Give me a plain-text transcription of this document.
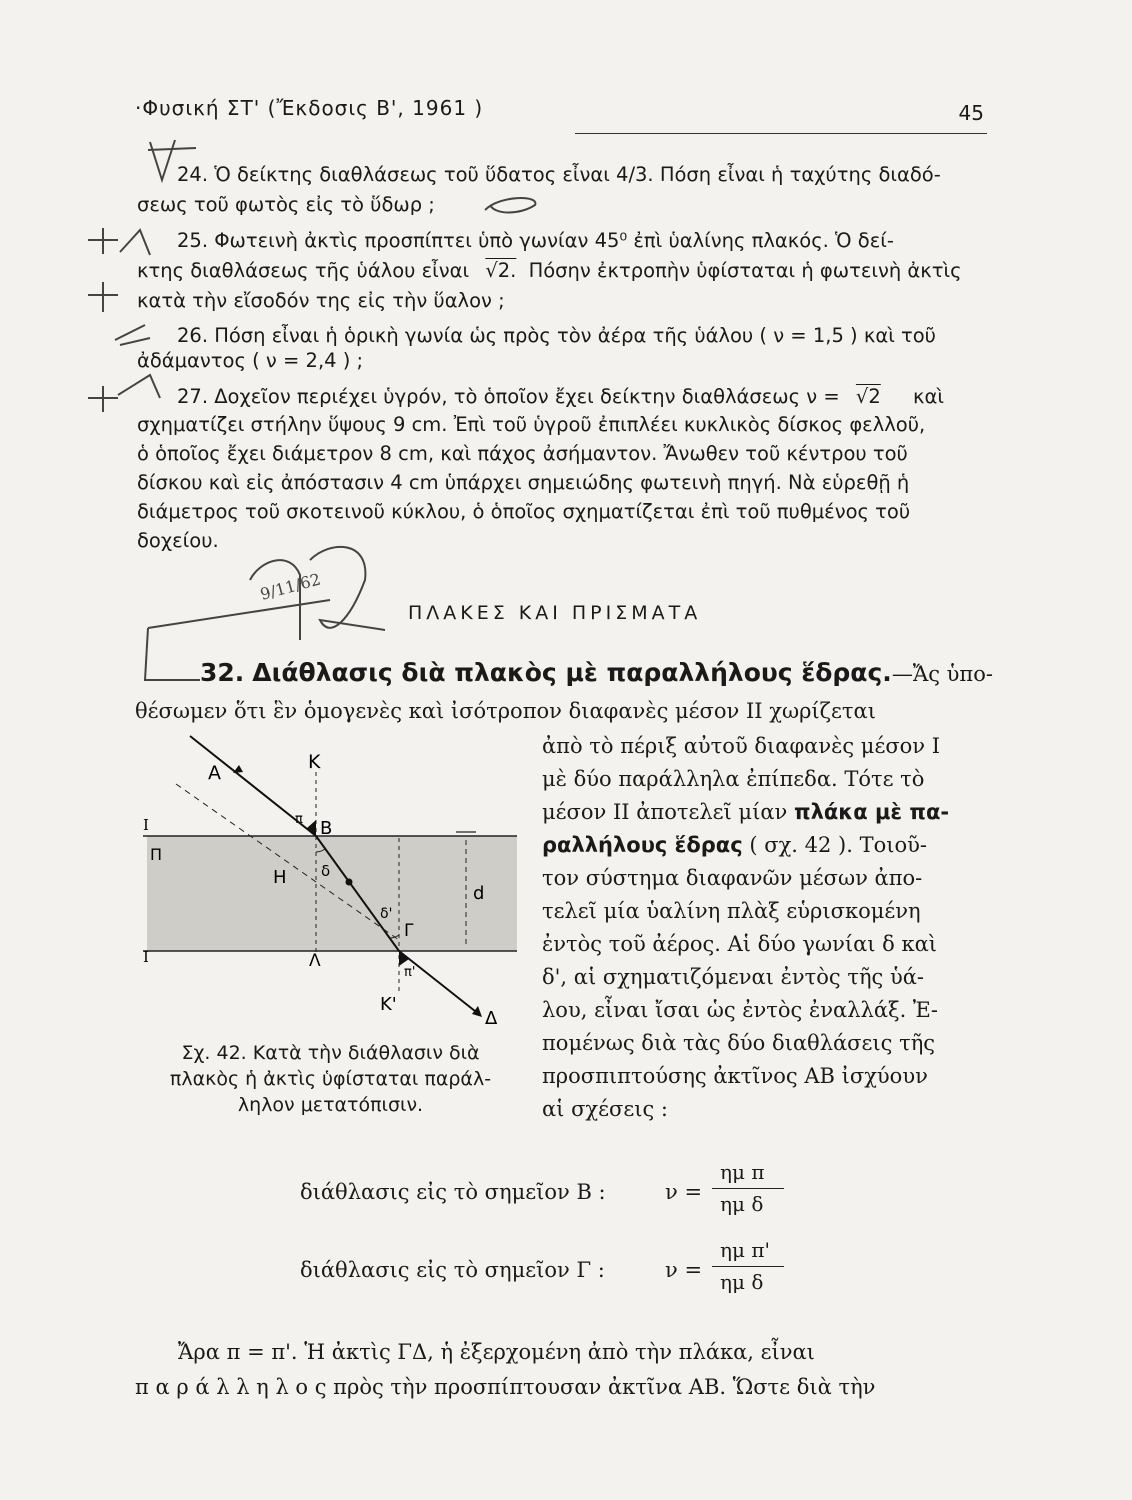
·Φυσική ΣΤ' (Ἔκδοσις Β', 1961 )	45
24. Ὁ δείκτης διαθλάσεως τοῦ ὕδατος εἶναι 4/3. Πόση εἶναι ἡ ταχύτης διαδό-
σεως τοῦ φωτὸς εἰς τὸ ὕδωρ ;
25. Φωτεινὴ ἀκτὶς προσπίπτει ὑπὸ γωνίαν 45⁰ ἐπὶ ὑαλίνης πλακός. Ὁ δεί-
κτης διαθλάσεως τῆς ὑάλου εἶναι √2. Πόσην ἐκτροπὴν ὑφίσταται ἡ φωτεινὴ ἀκτὶς
κατὰ τὴν εἴσοδόν της εἰς τὴν ὕαλον ;
26. Πόση εἶναι ἡ ὁρικὴ γωνία ὡς πρὸς τὸν ἀέρα τῆς ὑάλου ( ν = 1,5 ) καὶ τοῦ
ἀδάμαντος ( ν = 2,4 ) ;
27. Δοχεῖον περιέχει ὑγρόν, τὸ ὁποῖον ἔχει δείκτην διαθλάσεως ν = √2 καὶ
σχηματίζει στήλην ὕψους 9 cm. Ἐπὶ τοῦ ὑγροῦ ἐπιπλέει κυκλικὸς δίσκος φελλοῦ,
ὁ ὁποῖος ἔχει διάμετρον 8 cm, καὶ πάχος ἀσήμαντον. Ἄνωθεν τοῦ κέντρου τοῦ
δίσκου καὶ εἰς ἀπόστασιν 4 cm ὑπάρχει σημειώδης φωτεινὴ πηγή. Νὰ εὑρεθῇ ἡ
διάμετρος τοῦ σκοτεινοῦ κύκλου, ὁ ὁποῖος σχηματίζεται ἐπὶ τοῦ πυθμένος τοῦ
δοχείου.
ΠΛΑΚΕΣ ΚΑΙ ΠΡΙΣΜΑΤΑ
32. Διάθλασις διὰ πλακὸς μὲ παραλλήλους ἕδρας.—Ἄς ὑπο-
θέσωμεν ὅτι ἓν ὁμογενὲς καὶ ἰσότροπον διαφανὲς μέσον ΙΙ χωρίζεται
ἀπὸ τὸ πέριξ αὐτοῦ διαφανὲς μέσον Ι
μὲ δύο παράλληλα ἐπίπεδα. Τότε τὸ
μέσον ΙΙ ἀποτελεῖ μίαν πλάκα μὲ πα-
ραλλήλους ἕδρας ( σχ. 42 ). Τοιοῦ-
τον σύστημα διαφανῶν μέσων ἀπο-
τελεῖ μία ὑαλίνη πλὰξ εὑρισκομένη
ἐντὸς τοῦ ἀέρος. Αἱ δύο γωνίαι δ καὶ
δ', αἱ σχηματιζόμεναι ἐντὸς τῆς ὑά-
λου, εἶναι ἴσαι ὡς ἐντὸς ἐναλλάξ. Ἐ-
πομένως διὰ τὰς δύο διαθλάσεις τῆς
προσπιπτούσης ἀκτῖνος ΑΒ ἰσχύουν
αἱ σχέσεις :
Α	Κ
π Β
Ι
Π
Η δ
δ'
d
Γ
Ι	Λ
π'
Κ'
Δ
9/11/62
Σχ. 42. Κατὰ τὴν διάθλασιν διὰ
πλακὸς ἡ ἀκτὶς ὑφίσταται παράλ-
ληλον μετατόπισιν.
διάθλασις εἰς τὸ σημεῖον Β :	ν =
ημ π
ημ δ
διάθλασις εἰς τὸ σημεῖον Γ :	ν =
ημ π'
ημ δ
Ἄρα π = π'. Ἡ ἀκτὶς ΓΔ, ἡ ἐξερχομένη ἀπὸ τὴν πλάκα, εἶναι
π α ρ ά λ λ η λ ο ς πρὸς τὴν προσπίπτουσαν ἀκτῖνα ΑΒ. Ὥστε διὰ τὴν
